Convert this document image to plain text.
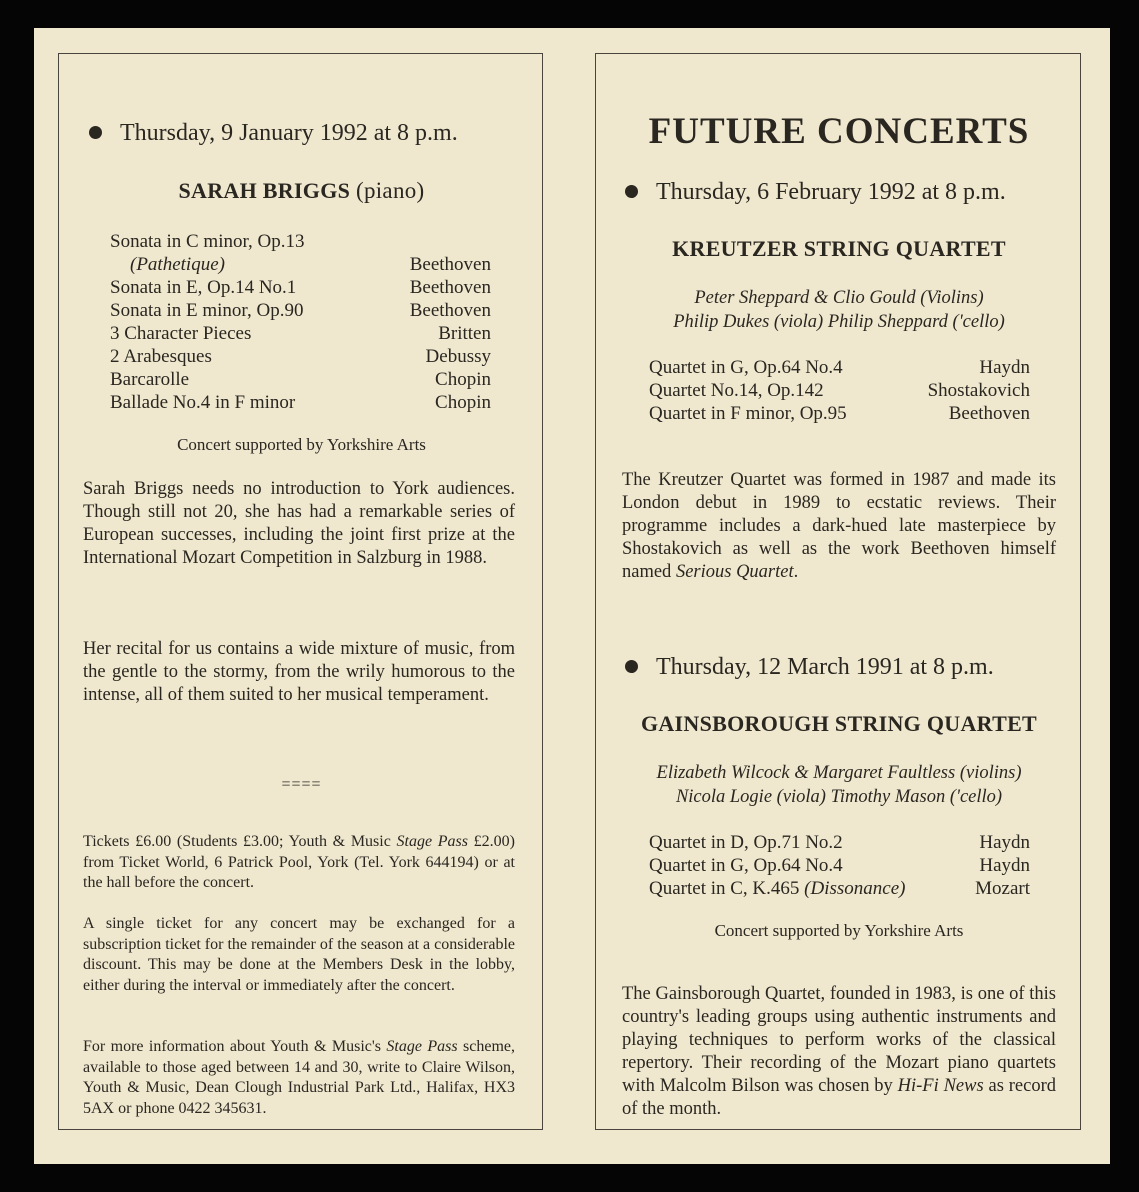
Thursday, 9 January 1992 at 8 p.m.
SARAH BRIGGS (piano)
Sonata in C minor, Op.13
(Pathetique)	Beethoven
Sonata in E, Op.14 No.1	Beethoven
Sonata in E minor, Op.90	Beethoven
3 Character Pieces	Britten
2 Arabesques	Debussy
Barcarolle	Chopin
Ballade No.4 in F minor	Chopin
Concert supported by Yorkshire Arts
Sarah Briggs needs no introduction to York audiences. Though still not 20, she has had a remarkable series of European successes, including the joint first prize at the International Mozart Competition in Salzburg in 1988.
Her recital for us contains a wide mixture of music, from the gentle to the stormy, from the wrily humorous to the intense, all of them suited to her musical temperament.
====
Tickets £6.00 (Students £3.00; Youth & Music Stage Pass £2.00) from Ticket World, 6 Patrick Pool, York (Tel. York 644194) or at the hall before the concert.
A single ticket for any concert may be exchanged for a subscription ticket for the remainder of the season at a considerable discount. This may be done at the Members Desk in the lobby, either during the interval or immediately after the concert.
For more information about Youth & Music's Stage Pass scheme, available to those aged between 14 and 30, write to Claire Wilson, Youth & Music, Dean Clough Industrial Park Ltd., Halifax, HX3 5AX or phone 0422 345631.
FUTURE CONCERTS
Thursday, 6 February 1992 at 8 p.m.
KREUTZER STRING QUARTET
Peter Sheppard & Clio Gould (Violins)
Philip Dukes (viola) Philip Sheppard ('cello)
Quartet in G, Op.64 No.4	Haydn
Quartet No.14, Op.142	Shostakovich
Quartet in F minor, Op.95	Beethoven
The Kreutzer Quartet was formed in 1987 and made its London debut in 1989 to ecstatic reviews. Their programme includes a dark-hued late masterpiece by Shostakovich as well as the work Beethoven himself named Serious Quartet.
Thursday, 12 March 1991 at 8 p.m.
GAINSBOROUGH STRING QUARTET
Elizabeth Wilcock & Margaret Faultless (violins)
Nicola Logie (viola) Timothy Mason ('cello)
Quartet in D, Op.71 No.2	Haydn
Quartet in G, Op.64 No.4	Haydn
Quartet in C, K.465 (Dissonance)	Mozart
Concert supported by Yorkshire Arts
The Gainsborough Quartet, founded in 1983, is one of this country's leading groups using authentic instruments and playing techniques to perform works of the classical repertory. Their recording of the Mozart piano quartets with Malcolm Bilson was chosen by Hi-Fi News as record of the month.
